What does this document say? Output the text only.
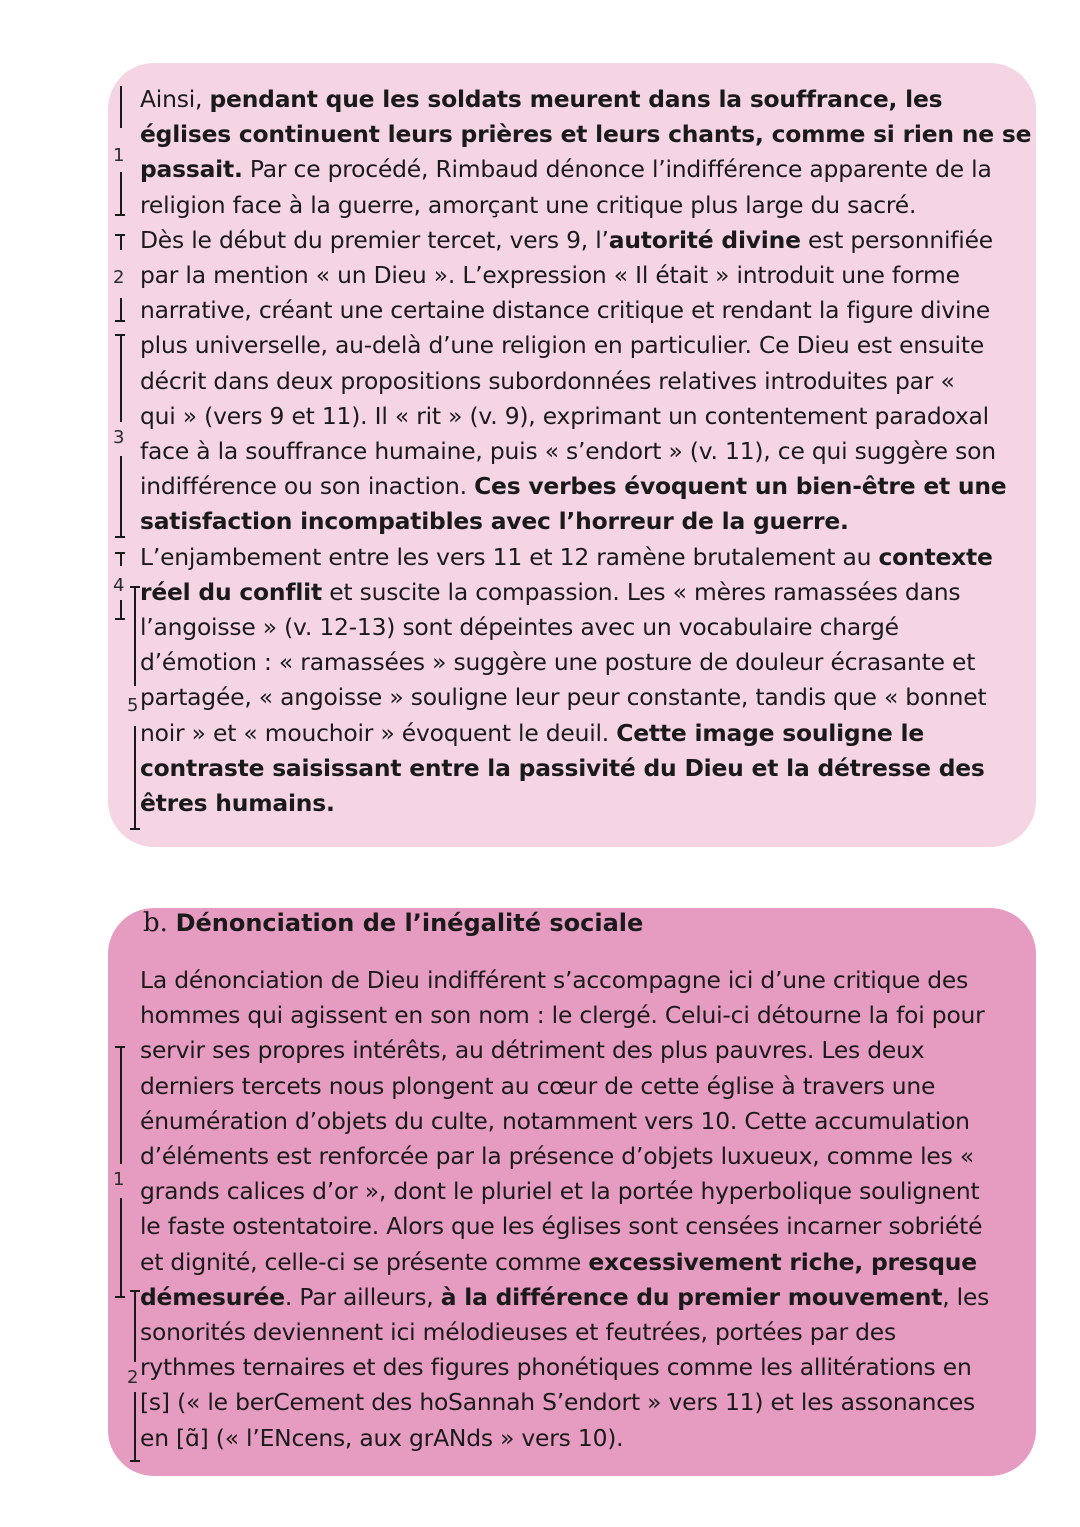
Ainsi, pendant que les soldats meurent dans la souffrance, les
églises continuent leurs prières et leurs chants, comme si rien ne se
passait. Par ce procédé, Rimbaud dénonce l’indifférence apparente de la
religion face à la guerre, amorçant une critique plus large du sacré.
Dès le début du premier tercet, vers 9, l’autorité divine est personnifiée
par la mention « un Dieu ». L’expression « Il était » introduit une forme
narrative, créant une certaine distance critique et rendant la figure divine
plus universelle, au-delà d’une religion en particulier. Ce Dieu est ensuite
décrit dans deux propositions subordonnées relatives introduites par «
qui » (vers 9 et 11). Il « rit » (v. 9), exprimant un contentement paradoxal
face à la souffrance humaine, puis « s’endort » (v. 11), ce qui suggère son
indifférence ou son inaction. Ces verbes évoquent un bien-être et une
satisfaction incompatibles avec l’horreur de la guerre.
L’enjambement entre les vers 11 et 12 ramène brutalement au contexte
réel du conflit et suscite la compassion. Les « mères ramassées dans
l’angoisse » (v. 12-13) sont dépeintes avec un vocabulaire chargé
d’émotion : « ramassées » suggère une posture de douleur écrasante et
partagée, « angoisse » souligne leur peur constante, tandis que « bonnet
noir » et « mouchoir » évoquent le deuil. Cette image souligne le
contraste saisissant entre la passivité du Dieu et la détresse des
êtres humains.
b. Dénonciation de l’inégalité sociale
La dénonciation de Dieu indifférent s’accompagne ici d’une critique des
hommes qui agissent en son nom : le clergé. Celui-ci détourne la foi pour
servir ses propres intérêts, au détriment des plus pauvres. Les deux
derniers tercets nous plongent au cœur de cette église à travers une
énumération d’objets du culte, notamment vers 10. Cette accumulation
d’éléments est renforcée par la présence d’objets luxueux, comme les «
grands calices d’or », dont le pluriel et la portée hyperbolique soulignent
le faste ostentatoire. Alors que les églises sont censées incarner sobriété
et dignité, celle-ci se présente comme excessivement riche, presque
démesurée. Par ailleurs, à la différence du premier mouvement, les
sonorités deviennent ici mélodieuses et feutrées, portées par des
rythmes ternaires et des figures phonétiques comme les allitérations en
[s] (« le berCement des hoSannah S’endort » vers 11) et les assonances
en [ɑ̃] (« l’ENcens, aux grANds » vers 10).
1
2
3
4
5
1
2
